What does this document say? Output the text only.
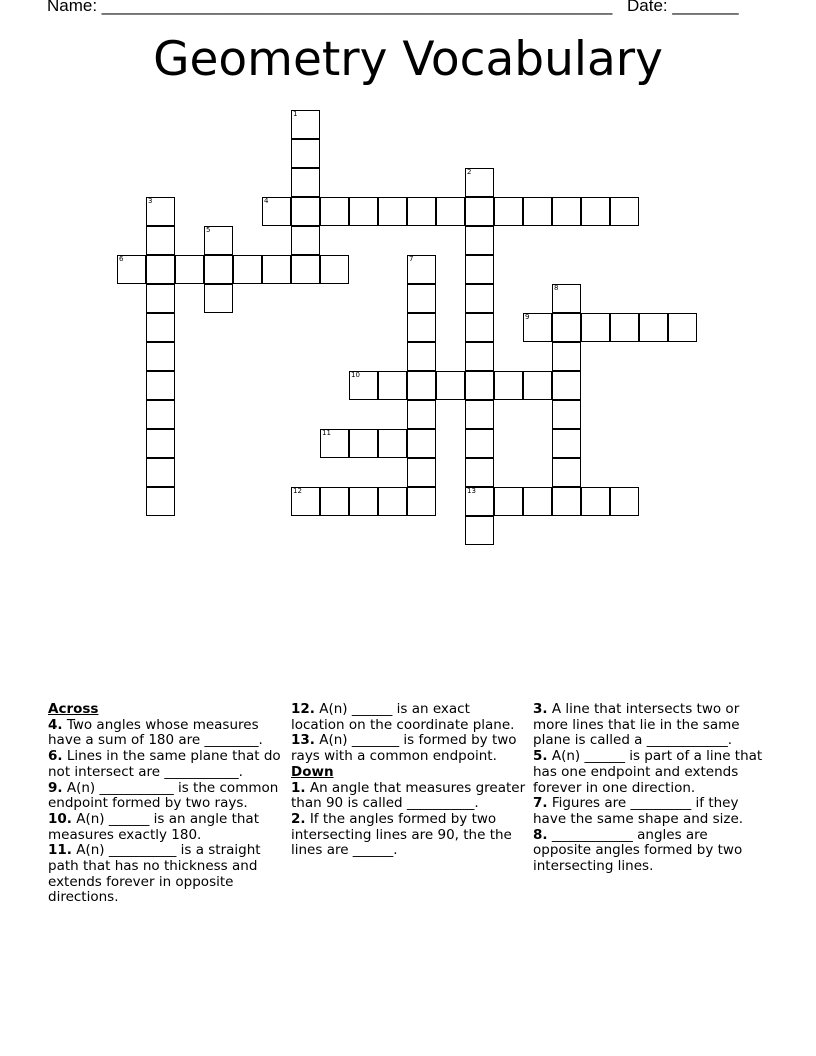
Name: ______________________________________________________ Date: _______
Geometry Vocabulary
1
2
13
3	4
5
6	7
8
9
10
11
12
Across
4. Two angles whose measures have a sum of 180 are ________.
6. Lines in the same plane that do not intersect are ___________.
9. A(n) ___________ is the common endpoint formed by two rays.
10. A(n) ______ is an angle that measures exactly 180.
11. A(n) __________ is a straight path that has no thickness and extends forever in opposite directions.
12. A(n) ______ is an exact location on the coordinate plane.
13. A(n) _______ is formed by two rays with a common endpoint.
Down
1. An angle that measures greater than 90 is called __________.
2. If the angles formed by two intersecting lines are 90, the the lines are ______.
3. A line that intersects two or more lines that lie in the same plane is called a ____________.
5. A(n) ______ is part of a line that has one endpoint and extends forever in one direction.
7. Figures are _________ if they have the same shape and size.
8. ____________ angles are opposite angles formed by two intersecting lines.
